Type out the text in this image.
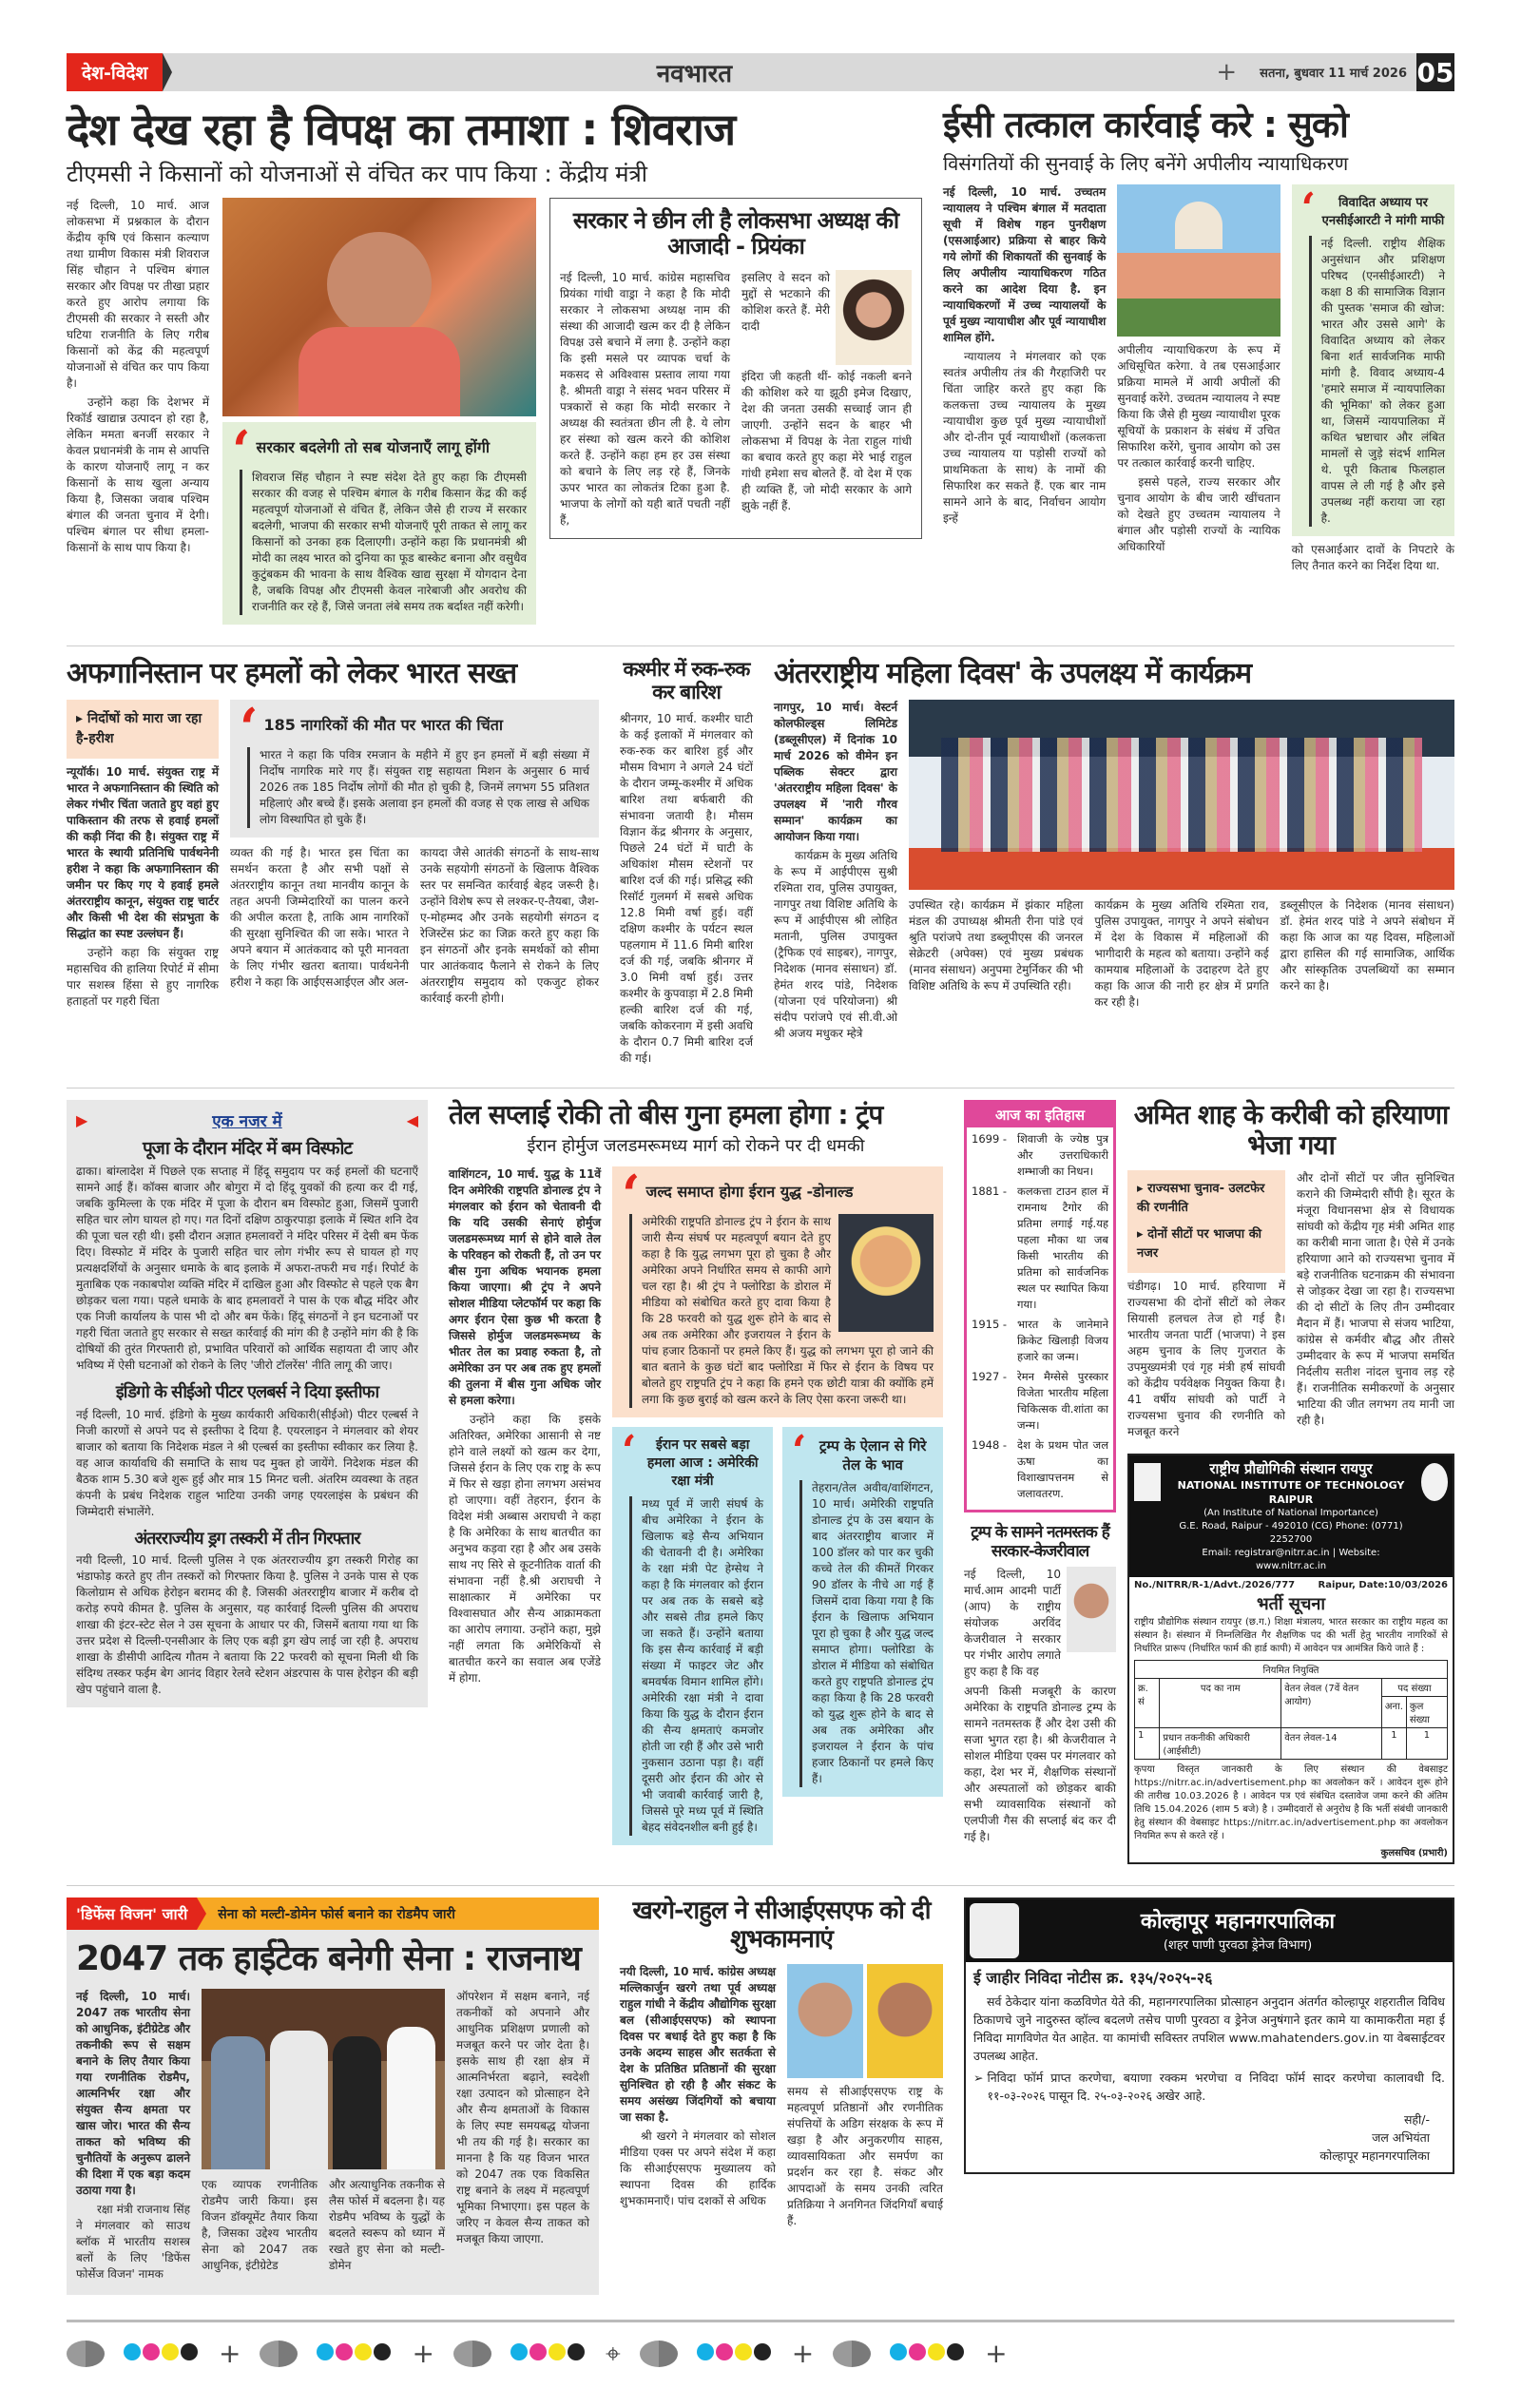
देश-विदेश	नवभारत	+ सतना, बुधवार 11 मार्च 2026 05
देश देख रहा है विपक्ष का तमाशा : शिवराज
टीएमसी ने किसानों को योजनाओं से वंचित कर पाप किया : केंद्रीय मंत्री
नई दिल्ली, 10 मार्च. आज लोकसभा में प्रश्नकाल के दौरान केंद्रीय कृषि एवं किसान कल्याण तथा ग्रामीण विकास मंत्री शिवराज सिंह चौहान ने पश्चिम बंगाल सरकार और विपक्ष पर तीखा प्रहार करते हुए आरोप लगाया कि टीएमसी की सरकार ने सस्ती और घटिया राजनीति के लिए गरीब किसानों को केंद्र की महत्वपूर्ण योजनाओं से वंचित कर पाप किया है।
उन्होंने कहा कि देशभर में रिकॉर्ड खाद्यान्न उत्पादन हो रहा है, लेकिन ममता बनर्जी सरकार ने केवल प्रधानमंत्री के नाम से आपत्ति के कारण योजनाएँ लागू न कर किसानों के साथ खुला अन्याय किया है, जिसका जवाब पश्चिम बंगाल की जनता चुनाव में देगी। पश्चिम बंगाल पर सीधा हमला- किसानों के साथ पाप किया है।
‘ सरकार बदलेगी तो सब योजनाएँ लागू होंगी
शिवराज सिंह चौहान ने स्पष्ट संदेश देते हुए कहा कि टीएमसी सरकार की वजह से पश्चिम बंगाल के गरीब किसान केंद्र की कई महत्वपूर्ण योजनाओं से वंचित हैं, लेकिन जैसे ही राज्य में सरकार बदलेगी, भाजपा की सरकार सभी योजनाएँ पूरी ताकत से लागू कर किसानों को उनका हक दिलाएगी। उन्होंने कहा कि प्रधानमंत्री श्री मोदी का लक्ष्य भारत को दुनिया का फूड बास्केट बनाना और वसुधैव कुटुंबकम की भावना के साथ वैश्विक खाद्य सुरक्षा में योगदान देना है, जबकि विपक्ष और टीएमसी केवल नारेबाजी और अवरोध की राजनीति कर रहे हैं, जिसे जनता लंबे समय तक बर्दाश्त नहीं करेगी।
सरकार ने छीन ली है लोकसभा अध्यक्ष की आजादी - प्रियंका
नई दिल्ली, 10 मार्च. कांग्रेस महासचिव प्रियंका गांधी वाड्रा ने कहा है कि मोदी सरकार ने लोकसभा अध्यक्ष नाम की संस्था की आजादी खत्म कर दी है लेकिन विपक्ष उसे बचाने में लगा है. उन्होंने कहा कि इसी मसले पर व्यापक चर्चा के मकसद से अविश्वास प्रस्ताव लाया गया है. श्रीमती वाड्रा ने संसद भवन परिसर में पत्रकारों से कहा कि मोदी सरकार ने अध्यक्ष की स्वतंत्रता छीन ली है. ये लोग हर संस्था को खत्म करने की कोशिश करते हैं. उन्होंने कहा हम हर उस संस्था को बचाने के लिए लड़ रहे हैं, जिनके ऊपर भारत का लोकतंत्र टिका हुआ है. भाजपा के लोगों को यही बातें पचती नहीं हैं,
इसलिए वे सदन को मुद्दों से भटकाने की कोशिश करते हैं. मेरी दादी
इंदिरा जी कहती थीं- कोई नकली बनने की कोशिश करे या झूठी इमेज दिखाए, देश की जनता उसकी सच्चाई जान ही जाएगी. उन्होंने सदन के बाहर भी लोकसभा में विपक्ष के नेता राहुल गांधी का बचाव करते हुए कहा मेरे भाई राहुल गांधी हमेशा सच बोलते हैं. वो देश में एक ही व्यक्ति हैं, जो मोदी सरकार के आगे झुके नहीं हैं.
ईसी तत्काल कार्रवाई करे : सुको
विसंगतियों की सुनवाई के लिए बनेंगे अपीलीय न्यायाधिकरण
नई दिल्ली, 10 मार्च. उच्चतम न्यायालय ने पश्चिम बंगाल में मतदाता सूची में विशेष गहन पुनरीक्षण (एसआईआर) प्रक्रिया से बाहर किये गये लोगों की शिकायतों की सुनवाई के लिए अपीलीय न्यायाधिकरण गठित करने का आदेश दिया है. इन न्यायाधिकरणों में उच्च न्यायालयों के पूर्व मुख्य न्यायाधीश और पूर्व न्यायाधीश शामिल होंगे.
न्यायालय ने मंगलवार को एक स्वतंत्र अपीलीय तंत्र की गैरहाजिरी पर चिंता जाहिर करते हुए कहा कि कलकत्ता उच्च न्यायालय के मुख्य न्यायाधीश कुछ पूर्व मुख्य न्यायाधीशों और दो-तीन पूर्व न्यायाधीशों (कलकत्ता उच्च न्यायालय या पड़ोसी राज्यों को प्राथमिकता के साथ) के नामों की सिफारिश कर सकते हैं. एक बार नाम सामने आने के बाद, निर्वाचन आयोग इन्हें
अपीलीय न्यायाधिकरण के रूप में अधिसूचित करेगा. वे तब एसआईआर प्रक्रिया मामले में आयी अपीलों की सुनवाई करेंगे. उच्चतम न्यायालय ने स्पष्ट किया कि जैसे ही मुख्य न्यायाधीश पूरक सूचियों के प्रकाशन के संबंध में उचित सिफारिश करेंगे, चुनाव आयोग को उस पर तत्काल कार्रवाई करनी चाहिए.
इससे पहले, राज्य सरकार और चुनाव आयोग के बीच जारी खींचतान को देखते हुए उच्चतम न्यायालय ने बंगाल और पड़ोसी राज्यों के न्यायिक अधिकारियों
‘	विवादित अध्याय पर एनसीईआरटी ने मांगी माफी
नई दिल्ली. राष्ट्रीय शैक्षिक अनुसंधान और प्रशिक्षण परिषद (एनसीईआरटी) ने कक्षा 8 की सामाजिक विज्ञान की पुस्तक 'समाज की खोज: भारत और उससे आगे' के विवादित अध्याय को लेकर बिना शर्त सार्वजनिक माफी मांगी है. विवाद अध्याय-4 'हमारे समाज में न्यायपालिका की भूमिका' को लेकर हुआ था, जिसमें न्यायपालिका में कथित भ्रष्टाचार और लंबित मामलों से जुड़े संदर्भ शामिल थे. पूरी किताब फिलहाल वापस ले ली गई है और इसे उपलब्ध नहीं कराया जा रहा है.
को एसआईआर दावों के निपटारे के लिए तैनात करने का निर्देश दिया था.
अफगानिस्तान पर हमलों को लेकर भारत सख्त
▸ निर्दोषों को मारा जा रहा है-हरीश
न्यूयॉर्क। 10 मार्च. संयुक्त राष्ट्र में भारत ने अफगानिस्तान की स्थिति को लेकर गंभीर चिंता जताते हुए वहां हुए पाकिस्तान की तरफ से हवाई हमलों की कड़ी निंदा की है। संयुक्त राष्ट्र में भारत के स्थायी प्रतिनिधि पार्वथनेनी हरीश ने कहा कि अफगानिस्तान की जमीन पर किए गए ये हवाई हमले अंतरराष्ट्रीय कानून, संयुक्त राष्ट्र चार्टर और किसी भी देश की संप्रभुता के सिद्धांत का स्पष्ट उल्लंघन हैं।
उन्होंने कहा कि संयुक्त राष्ट्र महासचिव की हालिया रिपोर्ट में सीमा पार सशस्त्र हिंसा से हुए नागरिक हताहतों पर गहरी चिंता
‘ 185 नागरिकों की मौत पर भारत की चिंता
भारत ने कहा कि पवित्र रमजान के महीने में हुए इन हमलों में बड़ी संख्या में निर्दोष नागरिक मारे गए हैं। संयुक्त राष्ट्र सहायता मिशन के अनुसार 6 मार्च 2026 तक 185 निर्दोष लोगों की मौत हो चुकी है, जिनमें लगभग 55 प्रतिशत महिलाएं और बच्चे हैं। इसके अलावा इन हमलों की वजह से एक लाख से अधिक लोग विस्थापित हो चुके हैं।
व्यक्त की गई है। भारत इस चिंता का समर्थन करता है और सभी पक्षों से अंतरराष्ट्रीय कानून तथा मानवीय कानून के तहत अपनी जिम्मेदारियों का पालन करने की अपील करता है, ताकि आम नागरिकों की सुरक्षा सुनिश्चित की जा सके। भारत ने अपने बयान में आतंकवाद को पूरी मानवता के लिए गंभीर खतरा बताया। पार्वथनेनी हरीश ने कहा कि आईएसआईएल और अल-
कायदा जैसे आतंकी संगठनों के साथ-साथ उनके सहयोगी संगठनों के खिलाफ वैश्विक स्तर पर समन्वित कार्रवाई बेहद जरूरी है। उन्होंने विशेष रूप से लश्कर-ए-तैयबा, जैश-ए-मोहम्मद और उनके सहयोगी संगठन द रेजिस्टेंस फ्रंट का जिक्र करते हुए कहा कि इन संगठनों और इनके समर्थकों को सीमा पार आतंकवाद फैलाने से रोकने के लिए अंतरराष्ट्रीय समुदाय को एकजुट होकर कार्रवाई करनी होगी।
कश्मीर में रुक-रुक कर बारिश
श्रीनगर, 10 मार्च. कश्मीर घाटी के कई इलाकों में मंगलवार को रुक-रुक कर बारिश हुई और मौसम विभाग ने अगले 24 घंटों के दौरान जम्मू-कश्मीर में अधिक बारिश तथा बर्फबारी की संभावना जतायी है। मौसम विज्ञान केंद्र श्रीनगर के अनुसार, पिछले 24 घंटों में घाटी के अधिकांश मौसम स्टेशनों पर बारिश दर्ज की गई। प्रसिद्ध स्की रिसॉर्ट गुलमर्ग में सबसे अधिक 12.8 मिमी वर्षा हुई। वहीं दक्षिण कश्मीर के पर्यटन स्थल पहलगाम में 11.6 मिमी बारिश दर्ज की गई, जबकि श्रीनगर में 3.0 मिमी वर्षा हुई। उत्तर कश्मीर के कुपवाड़ा में 2.8 मिमी हल्की बारिश दर्ज की गई, जबकि कोकरनाग में इसी अवधि के दौरान 0.7 मिमी बारिश दर्ज की गई।
अंतरराष्ट्रीय महिला दिवस' के उपलक्ष्य में कार्यक्रम
नागपुर, 10 मार्च। वेस्टर्न कोलफील्ड्स लिमिटेड (डब्लूसीएल) में दिनांक 10 मार्च 2026 को वीमेन इन पब्लिक सेक्टर द्वारा 'अंतरराष्ट्रीय महिला दिवस' के उपलक्ष्य में 'नारी गौरव सम्मान' कार्यक्रम का आयोजन किया गया।
कार्यक्रम के मुख्य अतिथि के रूप में आईपीएस सुश्री रश्मिता राव, पुलिस उपायुक्त, नागपुर तथा विशिष्ट अतिथि के रूप में आईपीएस श्री लोहित मतानी, पुलिस उपायुक्त (ट्रैफिक एवं साइबर), नागपुर, निदेशक (मानव संसाधन) डॉ. हेमंत शरद पांडे, निदेशक (योजना एवं परियोजना) श्री संदीप परांजपे एवं सी.वी.ओ श्री अजय मधुकर म्हेत्रे
उपस्थित रहे। कार्यक्रम में झंकार महिला मंडल की उपाध्यक्ष श्रीमती रीना पांडे एवं श्रुति परांजपे तथा डब्लूपीएस की जनरल सेक्रेटरी (अपेक्स) एवं मुख्य प्रबंधक (मानव संसाधन) अनुपमा टेमुर्निकर की भी विशिष्ट अतिथि के रूप में उपस्थिति रही।
कार्यक्रम के मुख्य अतिथि रश्मिता राव, पुलिस उपायुक्त, नागपुर ने अपने संबोधन में देश के विकास में महिलाओं की भागीदारी के महत्व को बताया। उन्होंने कई कामयाब महिलाओं के उदाहरण देते हुए कहा कि आज की नारी हर क्षेत्र में प्रगति कर रही है।
डब्लूसीएल के निदेशक (मानव संसाधन) डॉ. हेमंत शरद पांडे ने अपने संबोधन में कहा कि आज का यह दिवस, महिलाओं द्वारा हासिल की गई सामाजिक, आर्थिक और सांस्कृतिक उपलब्धियों का सम्मान करने का है।
▶	एक नजर में	◀
पूजा के दौरान मंदिर में बम विस्फोट
ढाका। बांग्लादेश में पिछले एक सप्ताह में हिंदू समुदाय पर कई हमलों की घटनाएँ सामने आई हैं। कॉक्स बाजार और बोगुरा में दो हिंदू युवकों की हत्या कर दी गई, जबकि कुमिल्ला के एक मंदिर में पूजा के दौरान बम विस्फोट हुआ, जिसमें पुजारी सहित चार लोग घायल हो गए। गत दिनों दक्षिण ठाकुरपाड़ा इलाके में स्थित शनि देव की पूजा चल रही थी। इसी दौरान अज्ञात हमलावरों ने मंदिर परिसर में देसी बम फेंक दिए। विस्फोट में मंदिर के पुजारी सहित चार लोग गंभीर रूप से घायल हो गए प्रत्यक्षदर्शियों के अनुसार धमाके के बाद इलाके में अफरा-तफरी मच गई। रिपोर्ट के मुताबिक एक नकाबपोश व्यक्ति मंदिर में दाखिल हुआ और विस्फोट से पहले एक बैग छोड़कर चला गया। पहले धमाके के बाद हमलावरों ने पास के एक बौद्ध मंदिर और एक निजी कार्यालय के पास भी दो और बम फेंके। हिंदू संगठनों ने इन घटनाओं पर गहरी चिंता जताते हुए सरकार से सख्त कार्रवाई की मांग की है उन्होंने मांग की है कि दोषियों की तुरंत गिरफ्तारी हो, प्रभावित परिवारों को आर्थिक सहायता दी जाए और भविष्य में ऐसी घटनाओं को रोकने के लिए 'जीरो टॉलरेंस' नीति लागू की जाए।
इंडिगो के सीईओ पीटर एलबर्स ने दिया इस्तीफा
नई दिल्ली, 10 मार्च. इंडिगो के मुख्य कार्यकारी अधिकारी(सीईओ) पीटर एल्बर्स ने निजी कारणों से अपने पद से इस्तीफा दे दिया है. एयरलाइन ने मंगलवार को शेयर बाजार को बताया कि निदेशक मंडल ने श्री एल्बर्स का इस्तीफा स्वीकार कर लिया है. वह आज कार्यावधि की समाप्ति के साथ पद मुक्त हो जायेंगे. निदेशक मंडल की बैठक शाम 5.30 बजे शुरू हुई और मात्र 15 मिनट चली. अंतरिम व्यवस्था के तहत कंपनी के प्रबंध निदेशक राहुल भाटिया उनकी जगह एयरलाइंस के प्रबंधन की जिम्मेदारी संभालेंगे.
अंतरराज्यीय ड्रग तस्करी में तीन गिरफ्तार
नयी दिल्ली, 10 मार्च. दिल्ली पुलिस ने एक अंतरराज्यीय ड्रग तस्करी गिरोह का भंडाफोड़ करते हुए तीन तस्करों को गिरफ्तार किया है. पुलिस ने उनके पास से एक किलोग्राम से अधिक हेरोइन बरामद की है. जिसकी अंतरराष्ट्रीय बाजार में करीब दो करोड़ रुपये कीमत है. पुलिस के अनुसार, यह कार्रवाई दिल्ली पुलिस की अपराध शाखा की इंटर-स्टेट सेल ने उस सूचना के आधार पर की, जिसमें बताया गया था कि उत्तर प्रदेश से दिल्ली-एनसीआर के लिए एक बड़ी ड्रग खेप लाई जा रही है. अपराध शाखा के डीसीपी आदित्य गौतम ने बताया कि 22 फरवरी को सूचना मिली थी कि संदिग्ध तस्कर फईम बेग आनंद विहार रेलवे स्टेशन अंडरपास के पास हेरोइन की बड़ी खेप पहुंचाने वाला है.
तेल सप्लाई रोकी तो बीस गुना हमला होगा : ट्रंप
ईरान होर्मुज जलडमरूमध्य मार्ग को रोकने पर दी धमकी
वाशिंगटन, 10 मार्च. युद्ध के 11वें दिन अमेरिकी राष्ट्रपति डोनाल्ड ट्रंप ने मंगलवार को ईरान को चेतावनी दी कि यदि उसकी सेनाएं होर्मुज जलडमरूमध्य मार्ग से होने वाले तेल के परिवहन को रोकती हैं, तो उन पर बीस गुना अधिक भयानक हमला किया जाएगा। श्री ट्रंप ने अपने सोशल मीडिया प्लेटफॉर्म पर कहा कि अगर ईरान ऐसा कुछ भी करता है जिससे होर्मुज जलडमरूमध्य के भीतर तेल का प्रवाह रुकता है, तो अमेरिका उन पर अब तक हुए हमलों की तुलना में बीस गुना अधिक जोर से हमला करेगा।
उन्होंने कहा कि इसके अतिरिक्त, अमेरिका आसानी से नष्ट होने वाले लक्ष्यों को खत्म कर देगा, जिससे ईरान के लिए एक राष्ट्र के रूप में फिर से खड़ा होना लगभग असंभव हो जाएगा। वहीं तेहरान, ईरान के विदेश मंत्री अब्बास अराघची ने कहा है कि अमेरिका के साथ बातचीत का अनुभव कड़वा रहा है और अब उसके साथ नए सिरे से कूटनीतिक वार्ता की संभावना नहीं है.श्री अराघची ने साक्षात्कार में अमेरिका पर विश्वासघात और सैन्य आक्रामकता का आरोप लगाया. उन्होंने कहा, मुझे नहीं लगता कि अमेरिकियों से बातचीत करने का सवाल अब एजेंडे में होगा.
‘ जल्द समाप्त होगा ईरान युद्ध -डोनाल्ड
अमेरिकी राष्ट्रपति डोनाल्ड ट्रंप ने ईरान के साथ जारी सैन्य संघर्ष पर महत्वपूर्ण बयान देते हुए कहा है कि युद्ध लगभग पूरा हो चुका है और अमेरिका अपने निर्धारित समय से काफी आगे चल रहा है। श्री ट्रंप ने फ्लोरिडा के डोराल में मीडिया को संबोधित करते हुए दावा किया है कि 28 फरवरी को युद्ध शुरू होने के बाद से अब तक अमेरिका और इजरायल ने ईरान के पांच हजार ठिकानों पर हमले किए हैं। युद्ध को लगभग पूरा हो जाने की बात बताने के कुछ घंटों बाद फ्लोरिडा में फिर से ईरान के विषय पर बोलते हुए राष्ट्रपति ट्रंप ने कहा कि हमने एक छोटी यात्रा की क्योंकि हमें लगा कि कुछ बुराई को खत्म करने के लिए ऐसा करना जरूरी था।
‘	ईरान पर सबसे बड़ा हमला आज : अमेरिकी रक्षा मंत्री
मध्य पूर्व में जारी संघर्ष के बीच अमेरिका ने ईरान के खिलाफ बड़े सैन्य अभियान की चेतावनी दी है। अमेरिका के रक्षा मंत्री पेट हेग्सेथ ने कहा है कि मंगलवार को ईरान पर अब तक के सबसे बड़े और सबसे तीव्र हमले किए जा सकते हैं। उन्होंने बताया कि इस सैन्य कार्रवाई में बड़ी संख्या में फाइटर जेट और बमवर्षक विमान शामिल होंगे। अमेरिकी रक्षा मंत्री ने दावा किया कि युद्ध के दौरान ईरान की सैन्य क्षमताएं कमजोर होती जा रही हैं और उसे भारी नुकसान उठाना पड़ा है। वहीं दूसरी ओर ईरान की ओर से भी जवाबी कार्रवाई जारी है, जिससे पूरे मध्य पूर्व में स्थिति बेहद संवेदनशील बनी हुई है।
‘ ट्रम्प के ऐलान से गिरे तेल के भाव
तेहरान/तेल अवीव/वाशिंगटन, 10 मार्च। अमेरिकी राष्ट्रपति डोनाल्ड ट्रंप के उस बयान के बाद अंतरराष्ट्रीय बाजार में 100 डॉलर को पार कर चुकी कच्चे तेल की कीमतें गिरकर 90 डॉलर के नीचे आ गई हैं जिसमें दावा किया गया है कि ईरान के खिलाफ अभियान पूरा हो चुका है और युद्ध जल्द समाप्त होगा। फ्लोरिडा के डोराल में मीडिया को संबोधित करते हुए राष्ट्रपति डोनाल्ड ट्रंप कहा किया है कि 28 फरवरी को युद्ध शुरू होने के बाद से अब तक अमेरिका और इजरायल ने ईरान के पांच हजार ठिकानों पर हमले किए हैं।
आज का इतिहास
1699 - शिवाजी के ज्येष्ठ पुत्र और उत्तराधिकारी शम्भाजी का निधन।
1881 - कलकत्ता टाउन हाल में रामनाथ टैगोर की प्रतिमा लगाई गई.यह पहला मौका था जब किसी भारतीय की प्रतिमा को सार्वजनिक स्थल पर स्थापित किया गया।
1915 - भारत के जानेमाने क्रिकेट खिलाड़ी विजय हजारे का जन्म।
1927 - रेमन मैग्सेसे पुरस्कार विजेता भारतीय महिला चिकित्सक वी.शांता का जन्म।
1948 - देश के प्रथम पोत जल ऊषा का विशाखापत्तनम से जलावतरण.
ट्रम्प के सामने नतमस्तक हैं सरकार-केजरीवाल
नई दिल्ली, 10 मार्च.आम आदमी पार्टी (आप) के राष्ट्रीय संयोजक अरविंद केजरीवाल ने सरकार पर गंभीर आरोप लगाते हुए कहा है कि वह
अपनी किसी मजबूरी के कारण अमेरिका के राष्ट्रपति डोनाल्ड ट्रम्प के सामने नतमस्तक हैं और देश उसी की सजा भुगत रहा है। श्री केजरीवाल ने सोशल मीडिया एक्स पर मंगलवार को कहा, देश भर में, शैक्षणिक संस्थानों और अस्पतालों को छोड़कर बाकी सभी व्यावसायिक संस्थानों को एलपीजी गैस की सप्लाई बंद कर दी गई है।
अमित शाह के करीबी को हरियाणा भेजा गया
▸ राज्यसभा चुनाव- उलटफेर की रणनीति
▸ दोनों सीटों पर भाजपा की नजर
चंडीगढ़। 10 मार्च. हरियाणा में राज्यसभा की दोनों सीटों को लेकर सियासी हलचल तेज हो गई है। भारतीय जनता पार्टी (भाजपा) ने इस अहम चुनाव के लिए गुजरात के उपमुख्यमंत्री एवं गृह मंत्री हर्ष सांघवी को केंद्रीय पर्यवेक्षक नियुक्त किया है। 41 वर्षीय सांघवी को पार्टी ने राज्यसभा चुनाव की रणनीति को मजबूत करने
और दोनों सीटों पर जीत सुनिश्चित कराने की जिम्मेदारी सौंपी है। सूरत के मंजूरा विधानसभा क्षेत्र से विधायक सांघवी को केंद्रीय गृह मंत्री अमित शाह का करीबी माना जाता है। ऐसे में उनके हरियाणा आने को राज्यसभा चुनाव में बड़े राजनीतिक घटनाक्रम की संभावना से जोड़कर देखा जा रहा है। राज्यसभा की दो सीटों के लिए तीन उम्मीदवार मैदान में हैं। भाजपा से संजय भाटिया, कांग्रेस से कर्मवीर बौद्ध और तीसरे उम्मीदवार के रूप में भाजपा समर्थित निर्दलीय सतीश नांदल चुनाव लड़ रहे हैं। राजनीतिक समीकरणों के अनुसार भाटिया की जीत लगभग तय मानी जा रही है।
राष्ट्रीय प्रौद्योगिकी संस्थान रायपुर
NATIONAL INSTITUTE OF TECHNOLOGY RAIPUR
(An Institute of National Importance)
G.E. Road, Raipur - 492010 (CG) Phone: (0771) 2252700
Email: registrar@nitrr.ac.in | Website: www.nitrr.ac.in
No./NITRR/R-1/Advt./2026/777 Raipur, Date:10/03/2026
भर्ती सूचना
राष्ट्रीय प्रौद्योगिक संस्थान रायपुर (छ.ग.) शिक्षा मंत्रालय, भारत सरकार का राष्ट्रीय महत्व का संस्थान है। संस्थान में निम्नलिखित गैर शैक्षणिक पद की भर्ती हेतु भारतीय नागरिकों से निर्धारित प्रारूप (निर्धारित फार्म की हार्ड कापी) में आवेदन पत्र आमंत्रित किये जाते हैं :
नियमित नियुक्ति				
क्र. सं	पद का नाम	वेतन लेवल (7वें वेतन आयोग)	पद संख्या	
			अना.	कुल संख्या
1	प्रधान तकनीकी अधिकारी (आईसीटी)	वेतन लेवल-14	1	1
कृपया विस्तृत जानकारी के लिए संस्थान की वेबसाइट https://nitrr.ac.in/advertisement.php का अवलोकन करें । आवेदन शुरू होने की तारीख 10.03.2026 है । आवेदन पत्र एवं संबंधित दस्तावेज जमा करने की अंतिम तिथि 15.04.2026 (शाम 5 बजे) है । उम्मीदवारों से अनुरोध है कि भर्ती संबंधी जानकारी हेतु संस्थान की वेबसाइट https://nitrr.ac.in/advertisement.php का अवलोकन नियमित रूप से करते रहें ।
कुलसचिव (प्रभारी)
'डिफेंस विजन' जारी	सेना को मल्टी-डोमेन फोर्स बनाने का रोडमैप जारी
2047 तक हाईटेक बनेगी सेना : राजनाथ
नई दिल्ली, 10 मार्च।2047 तक भारतीय सेना को आधुनिक, इंटीग्रेटेड और तकनीकी रूप से सक्षम बनाने के लिए तैयार किया गया रणनीतिक रोडमैप, आत्मनिर्भर रक्षा और संयुक्त सैन्य क्षमता पर खास जोर। भारत की सैन्य ताकत को भविष्य की चुनौतियों के अनुरूप ढालने की दिशा में एक बड़ा कदम उठाया गया है।
रक्षा मंत्री राजनाथ सिंह ने मंगलवार को साउथ ब्लॉक में भारतीय सशस्त्र बलों के लिए 'डिफेंस फोर्सेज विजन' नामक
एक व्यापक रणनीतिक रोडमैप जारी किया। इस विजन डॉक्यूमेंट तैयार किया है, जिसका उद्देश्य भारतीय सेना को 2047 तक आधुनिक, इंटीग्रेटेड
और अत्याधुनिक तकनीक से लैस फोर्स में बदलना है। यह रोडमैप भविष्य के युद्धों के बदलते स्वरूप को ध्यान में रखते हुए सेना को मल्टी-डोमेन
ऑपरेशन में सक्षम बनाने, नई तकनीकों को अपनाने और आधुनिक प्रशिक्षण प्रणाली को मजबूत करने पर जोर देता है। इसके साथ ही रक्षा क्षेत्र में आत्मनिर्भरता बढ़ाने, स्वदेशी रक्षा उत्पादन को प्रोत्साहन देने और सैन्य क्षमताओं के विकास के लिए स्पष्ट समयबद्ध योजना भी तय की गई है। सरकार का मानना है कि यह विजन भारत को 2047 तक एक विकसित राष्ट्र बनाने के लक्ष्य में महत्वपूर्ण भूमिका निभाएगा। इस पहल के जरिए न केवल सैन्य ताकत को मजबूत किया जाएगा.
खरगे-राहुल ने सीआईएसएफ को दी शुभकामनाएं
नयी दिल्ली, 10 मार्च. कांग्रेस अध्यक्ष मल्लिकार्जुन खरगे तथा पूर्व अध्यक्ष राहुल गांधी ने केंद्रीय औद्योगिक सुरक्षा बल (सीआईएसएफ) को स्थापना दिवस पर बधाई देते हुए कहा है कि उनके अदम्य साहस और सतर्कता से देश के प्रतिष्ठित प्रतिष्ठानों की सुरक्षा सुनिश्चित हो रही है और संकट के समय असंख्य जिंदगियों को बचाया जा सका है.
श्री खरगे ने मंगलवार को सोशल मीडिया एक्स पर अपने संदेश में कहा कि सीआईएसएफ मुख्यालय को स्थापना दिवस की हार्दिक शुभकामनाएँ। पांच दशकों से अधिक
समय से सीआईएसएफ राष्ट्र के महत्वपूर्ण प्रतिष्ठानों और रणनीतिक संपत्तियों के अडिग संरक्षक के रूप में खड़ा है और अनुकरणीय साहस, व्यावसायिकता और समर्पण का प्रदर्शन कर रहा है. संकट और आपदाओं के समय उनकी त्वरित प्रतिक्रिया ने अनगिनत जिंदगियाँ बचाई हैं.
कोल्हापूर महानगरपालिका
(शहर पाणी पुरवठा ड्रेनेज विभाग)
ई जाहीर निविदा नोटीस क्र. १३५/२०२५-२६
सर्व ठेकेदार यांना कळविणेत येते की, महानगरपालिका प्रोत्साहन अनुदान अंतर्गत कोल्हापूर शहरातील विविध ठिकाणचे जुने नादुरुस्त व्हॉल्व बदलणे तसेच पाणी पुरवठा व ड्रेनेज अनुषंगाने इतर कामे या कामाकरीता महा ई निविदा मागविणेत येत आहेत. या कामांची सविस्तर तपशिल www.mahatenders.gov.in या वेबसाईटवर उपलब्ध आहेत.
➢ निविदा फॉर्म प्राप्त करणेचा, बयाणा रक्कम भरणेचा व निविदा फॉर्म सादर करणेचा कालावधी दि. ११-०३-२०२६ पासून दि. २५-०३-२०२६ अखेर आहे.
सही/-
जल अभियंता
कोल्हापूर महानगरपालिका
+	+	⌖	+	+
